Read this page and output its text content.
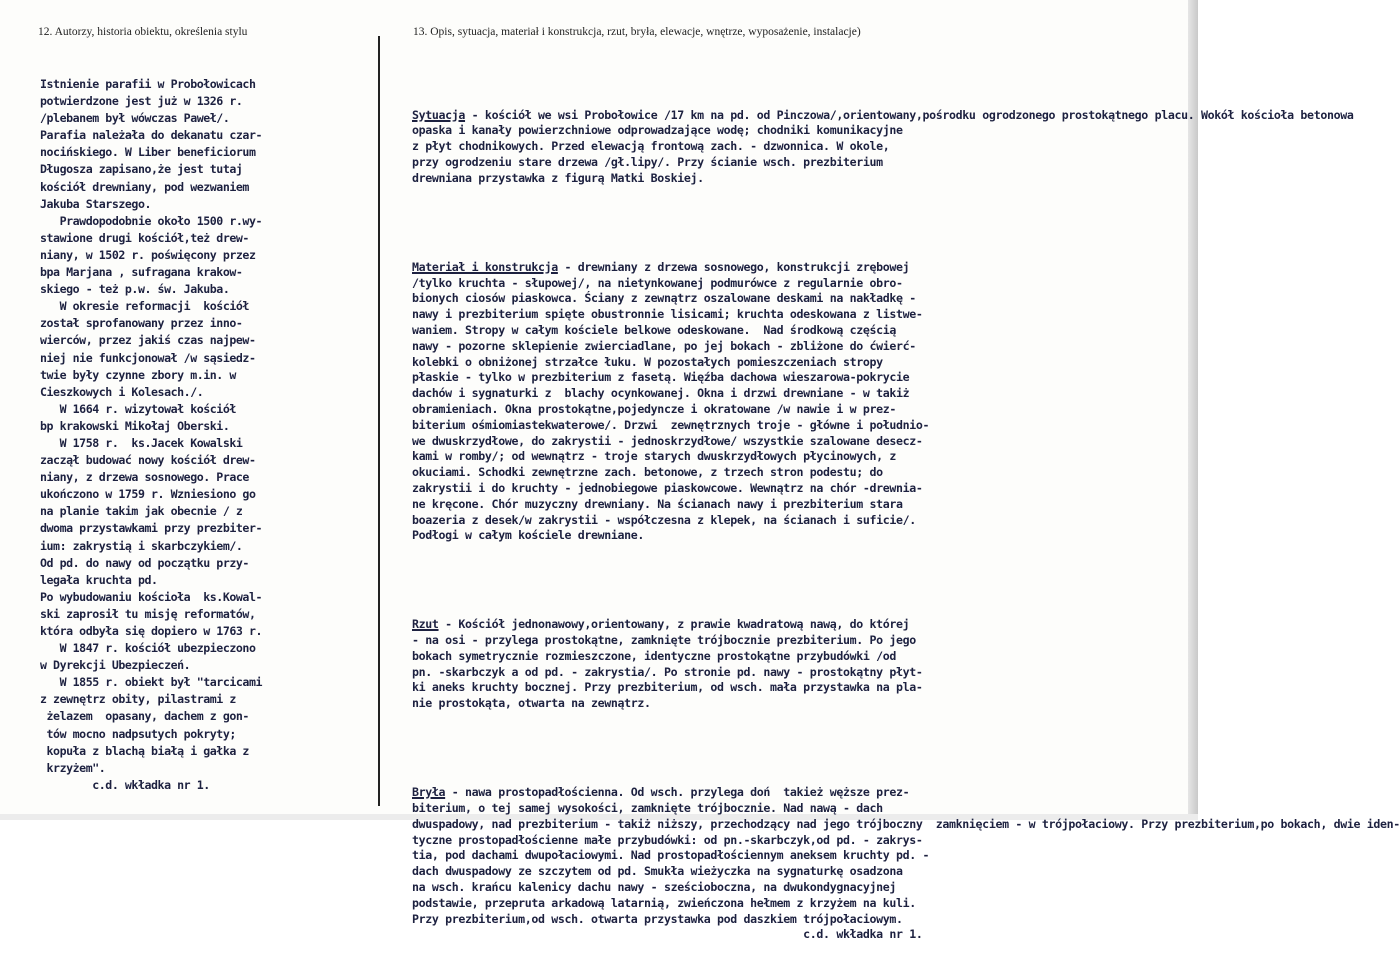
12. Autorzy, historia obiektu, określenia stylu	13. Opis, sytuacja, materiał i konstrukcja, rzut, bryła, elewacje, wnętrze, wyposażenie, instalacje)
Istnienie parafii w Probołowicach
potwierdzone jest już w 1326 r.
/plebanem był wówczas Paweł/.
Parafia należała do dekanatu czar-
nocińskiego. W Liber beneficiorum
Długosza zapisano,że jest tutaj
kościół drewniany, pod wezwaniem
Jakuba Starszego.
Prawdopodobnie około 1500 r.wy-
stawione drugi kościół,też drew-
niany, w 1502 r. poświęcony przez
bpa Marjana , sufragana krakow-
skiego - też p.w. św. Jakuba.
W okresie reformacji  kościół
został sprofanowany przez inno-
wierców, przez jakiś czas najpew-
niej nie funkcjonował /w sąsiedz-
twie były czynne zbory m.in. w
Cieszkowych i Kolesach./.
W 1664 r. wizytował kościół
bp krakowski Mikołaj Oberski.
W 1758 r.  ks.Jacek Kowalski
zaczął budować nowy kościół drew-
niany, z drzewa sosnowego. Prace
ukończono w 1759 r. Wzniesiono go
na planie takim jak obecnie / z
dwoma przystawkami przy prezbiter-
ium: zakrystią i skarbczykiem/.
Od pd. do nawy od początku przy-
legała kruchta pd.
Po wybudowaniu kościoła  ks.Kowal-
ski zaprosił tu misję reformatów,
która odbyła się dopiero w 1763 r.
W 1847 r. kościół ubezpieczono
w Dyrekcji Ubezpieczeń.
W 1855 r. obiekt był "tarcicami
z zewnętrz obity, pilastrami z
żelazem  opasany, dachem z gon-
tów mocno nadpsutych pokryty;
kopuła z blachą białą i gałka z
krzyżem".
c.d. wkładka nr 1.

Sytuacja - kościół we wsi Probołowice /17 km na pd. od Pinczowa/,orientowany,pośrodku ogrodzonego prostokątnego placu. Wokół kościoła betonowa
opaska i kanały powierzchniowe odprowadzające wodę; chodniki komunikacyjne
z płyt chodnikowych. Przed elewacją frontową zach. - dzwonnica. W okole,
przy ogrodzeniu stare drzewa /gł.lipy/. Przy ścianie wsch. prezbiterium
drewniana przystawka z figurą Matki Boskiej.

Materiał i konstrukcja - drewniany z drzewa sosnowego, konstrukcji zrębowej
/tylko kruchta - słupowej/, na nietynkowanej podmurówce z regularnie obro-
bionych ciosów piaskowca. Ściany z zewnątrz oszalowane deskami na nakładkę -
nawy i prezbiterium spięte obustronnie lisicami; kruchta odeskowana z listwe-
waniem. Stropy w całym kościele belkowe odeskowane.  Nad środkową częścią
nawy - pozorne sklepienie zwierciadlane, po jej bokach - zbliżone do ćwierć-
kolebki o obniżonej strzałce łuku. W pozostałych pomieszczeniach stropy
płaskie - tylko w prezbiterium z fasetą. Więźba dachowa wieszarowa-pokrycie
dachów i sygnaturki z  blachy ocynkowanej. Okna i drzwi drewniane - w takiż
obramieniach. Okna prostokątne,pojedyncze i okratowane /w nawie i w prez-
biterium ośmiomiastekwaterowe/. Drzwi  zewnętrznych troje - główne i południo-
we dwuskrzydłowe, do zakrystii - jednoskrzydłowe/ wszystkie szalowane desecz-
kami w romby/; od wewnątrz - troje starych dwuskrzydłowych płycinowych, z
okuciami. Schodki zewnętrzne zach. betonowe, z trzech stron podestu; do
zakrystii i do kruchty - jednobiegowe piaskowcowe. Wewnątrz na chór -drewnia-
ne kręcone. Chór muzyczny drewniany. Na ścianach nawy i prezbiterium stara
boazeria z desek/w zakrystii - współczesna z klepek, na ścianach i suficie/.
Podłogi w całym kościele drewniane.

Rzut - Kościół jednonawowy,orientowany, z prawie kwadratową nawą, do której
- na osi - przylega prostokątne, zamknięte trójbocznie prezbiterium. Po jego
bokach symetrycznie rozmieszczone, identyczne prostokątne przybudówki /od
pn. -skarbczyk a od pd. - zakrystia/. Po stronie pd. nawy - prostokątny płyt-
ki aneks kruchty bocznej. Przy prezbiterium, od wsch. mała przystawka na pla-
nie prostokąta, otwarta na zewnątrz.

Bryła - nawa prostopadłościenna. Od wsch. przylega doń  takież węższe prez-
biterium, o tej samej wysokości, zamknięte trójbocznie. Nad nawą - dach
dwuspadowy, nad prezbiterium - takiż niższy, przechodzący nad jego trójboczny  zamknięciem - w trójpołaciowy. Przy prezbiterium,po bokach, dwie iden-
tyczne prostopadłościenne małe przybudówki: od pn.-skarbczyk,od pd. - zakrys-
tia, pod dachami dwupołaciowymi. Nad prostopadłościennym aneksem kruchty pd. -
dach dwuspadowy ze szczytem od pd. Smukła wieżyczka na sygnaturkę osadzona
na wsch. krańcu kalenicy dachu nawy - sześcioboczna, na dwukondygnacyjnej
podstawie, przepruta arkadową latarnią, zwieńczona hełmem z krzyżem na kuli.
Przy prezbiterium,od wsch. otwarta przystawka pod daszkiem trójpołaciowym.
c.d. wkładka nr 1.
